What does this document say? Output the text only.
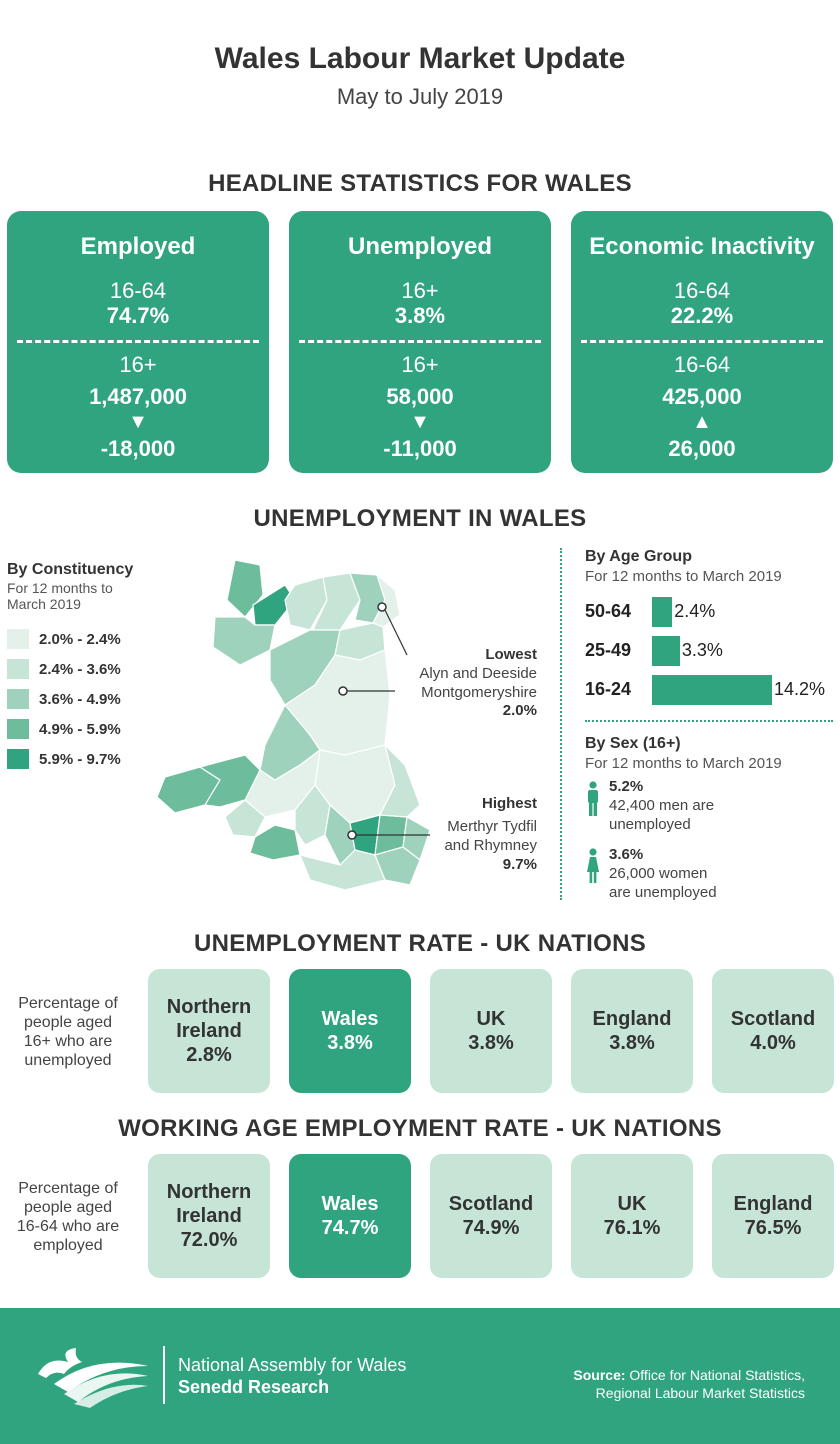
Wales Labour Market Update
May to July 2019
HEADLINE STATISTICS FOR WALES
Employed
16-64
74.7%
16+
1,487,000
▼
-18,000
Unemployed
16+
3.8%
16+
58,000
▼
-11,000
Economic Inactivity
16-64
22.2%
16-64
425,000
▲
26,000
UNEMPLOYMENT IN WALES
By Constituency
For 12 months to
March 2019
2.0% - 2.4%
2.4% - 3.6%
3.6% - 4.9%
4.9% - 5.9%
5.9% - 9.7%
Lowest
Alyn and Deeside
Montgomeryshire
2.0%
Highest
Merthyr Tydfil
and Rhymney
9.7%
By Age Group
For 12 months to March 2019
50-64	2.4%
25-49	3.3%
16-24	14.2%
By Sex (16+)
For 12 months to March 2019
5.2%
42,400 men are
unemployed
3.6%
26,000 women
are unemployed
UNEMPLOYMENT RATE - UK NATIONS
Percentage of
people aged
16+ who are
unemployed
Northern
Ireland
2.8%
Wales
3.8%
UK
3.8%
England
3.8%
Scotland
4.0%
WORKING AGE EMPLOYMENT RATE - UK NATIONS
Percentage of
people aged
16-64 who are
employed
Northern
Ireland
72.0%
Wales
74.7%
Scotland
74.9%
UK
76.1%
England
76.5%
National Assembly for Wales
Senedd Research
Source: Office for National Statistics,
Regional Labour Market Statistics
